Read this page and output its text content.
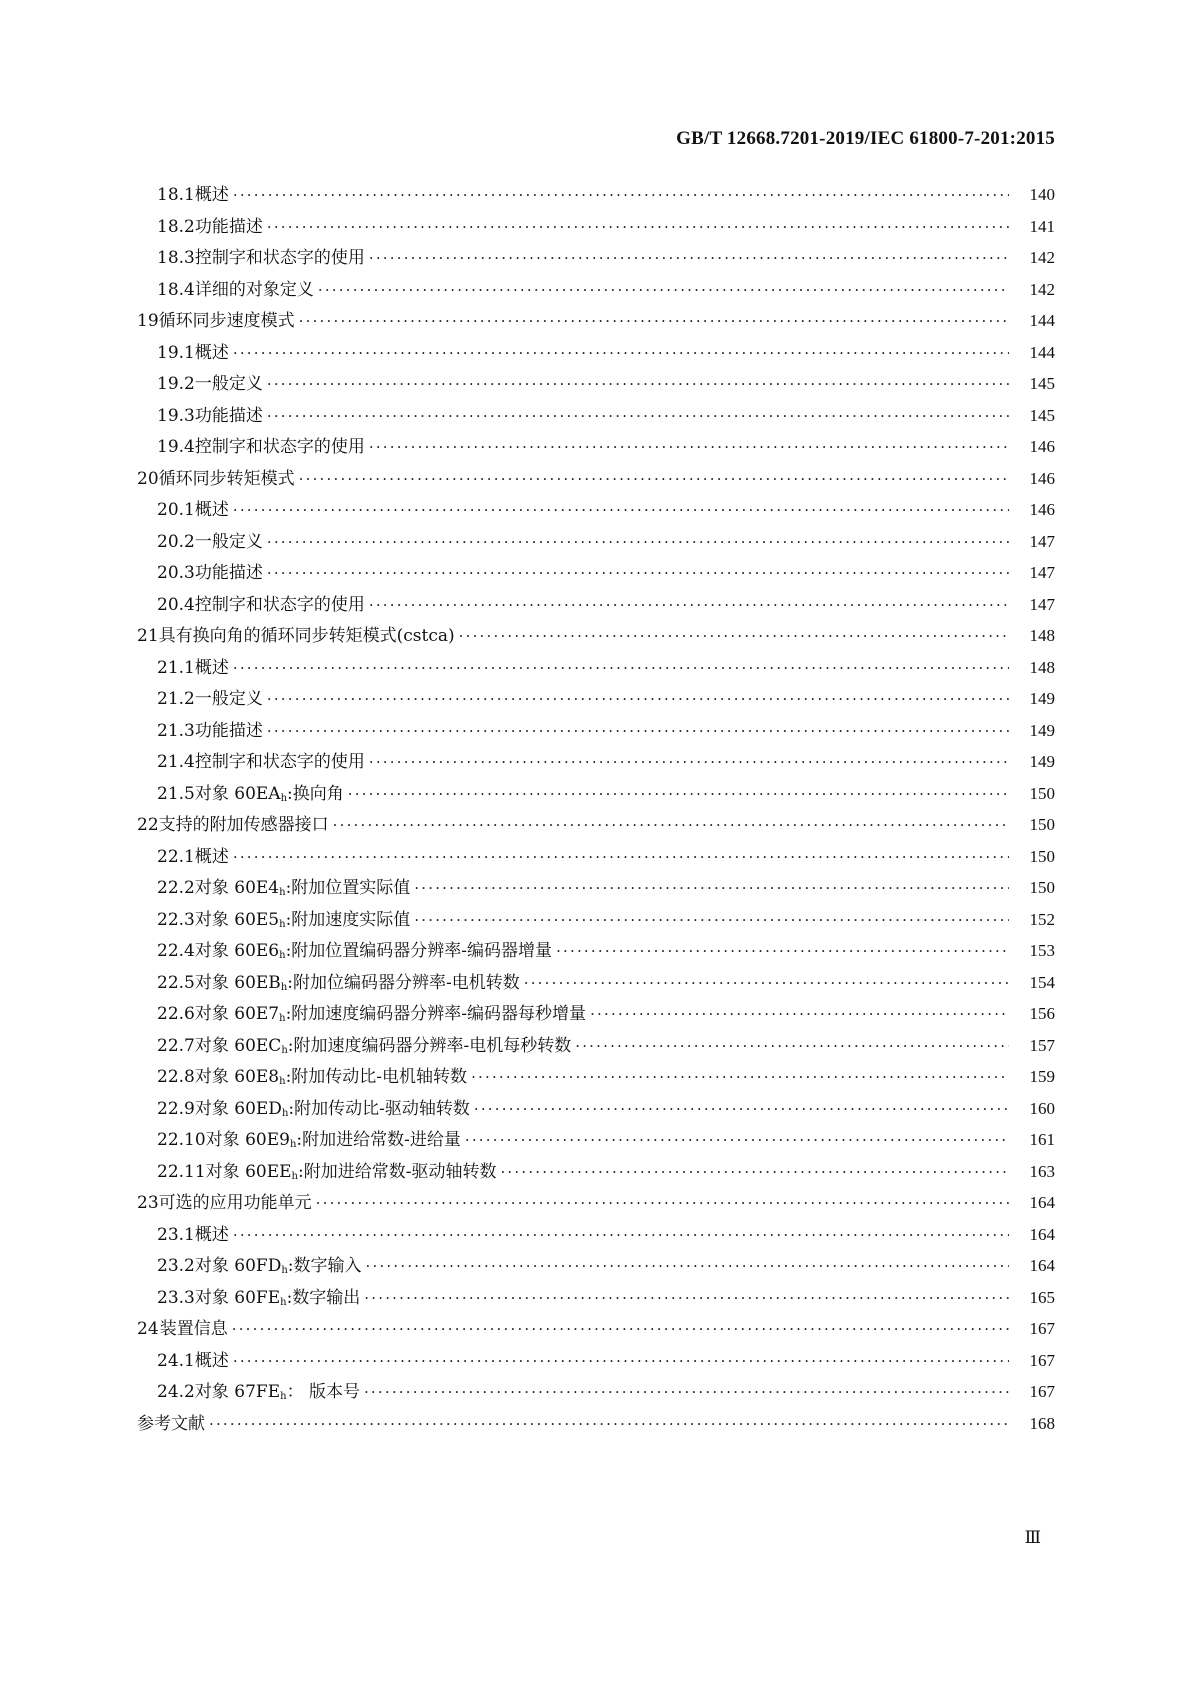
GB/T 12668.7201-2019/IEC 61800-7-201:2015
18.1 概述 ·····	140
18.2 功能描述 ·····	141
18.3 控制字和状态字的使用 ·····	142
18.4 详细的对象定义 ·····	142
19 循环同步速度模式 ·····	144
19.1 概述 ·····	144
19.2 一般定义 ·····	145
19.3 功能描述 ·····	145
19.4 控制字和状态字的使用 ·····	146
20 循环同步转矩模式 ·····	146
20.1 概述 ·····	146
20.2 一般定义 ·····	147
20.3 功能描述 ·····	147
20.4 控制字和状态字的使用 ·····	147
21 具有换向角的循环同步转矩模式(cstca) ·····	148
21.1 概述 ·····	148
21.2 一般定义 ·····	149
21.3 功能描述 ·····	149
21.4 控制字和状态字的使用 ·····	149
21.5 对象 $60EA_h$:换向角 ·····	150
22 支持的附加传感器接口 ·····	150
22.1 概述 ·····	150
22.2 对象 $60E4_h$:附加位置实际值 ·····	150
22.3 对象 $60E5_h$:附加速度实际值 ·····	152
22.4 对象 $60E6_h$:附加位置编码器分辨率-编码器增量 ·····	153
22.5 对象 $60EB_h$:附加位编码器分辨率-电机转数 ·····	154
22.6 对象 $60E7_h$:附加速度编码器分辨率-编码器每秒增量 ·····	156
22.7 对象 $60EC_h$:附加速度编码器分辨率-电机每秒转数 ·····	157
22.8 对象 $60E8_h$:附加传动比-电机轴转数 ·····	159
22.9 对象 $60ED_h$:附加传动比-驱动轴转数 ·····	160
22.10 对象 $60E9_h$:附加进给常数-进给量 ·····	161
22.11 对象 $60EE_h$:附加进给常数-驱动轴转数 ·····	163
23 可选的应用功能单元 ·····	164
23.1 概述 ·····	164
23.2 对象 $60FD_h$:数字输入 ·····	164
23.3 对象 $60FE_h$:数字输出 ·····	165
24 装置信息 ·····	167
24.1 概述 ·····	167
24.2 对象 $67FE_h$： 版本号 ·····	167
参考文献 ·····	168
Ⅲ
